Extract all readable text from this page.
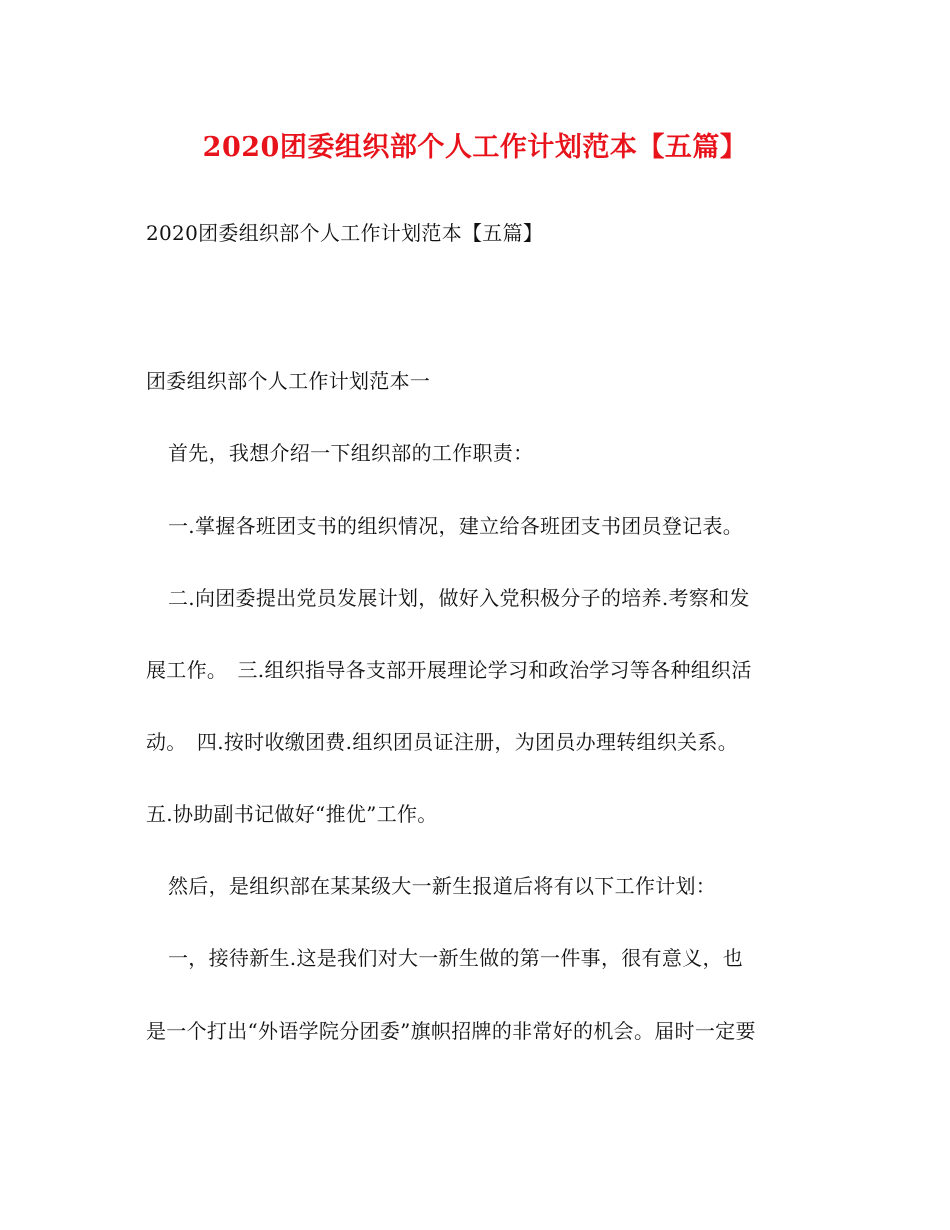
2020团委组织部个人工作计划范本【五篇】
2020团委组织部个人工作计划范本【五篇】
团委组织部个人工作计划范本一
首先，我想介绍一下组织部的工作职责：
一.掌握各班团支书的组织情况，建立给各班团支书团员登记表。
二.向团委提出党员发展计划，做好入党积极分子的培养.考察和发
展工作。　三.组织指导各支部开展理论学习和政治学习等各种组织活
动。　四.按时收缴团费.组织团员证注册，为团员办理转组织关系。
五.协助副书记做好“推优”工作。
然后，是组织部在某某级大一新生报道后将有以下工作计划：
一，接待新生.这是我们对大一新生做的第一件事，很有意义，也
是一个打出“外语学院分团委”旗帜招牌的非常好的机会。届时一定要
